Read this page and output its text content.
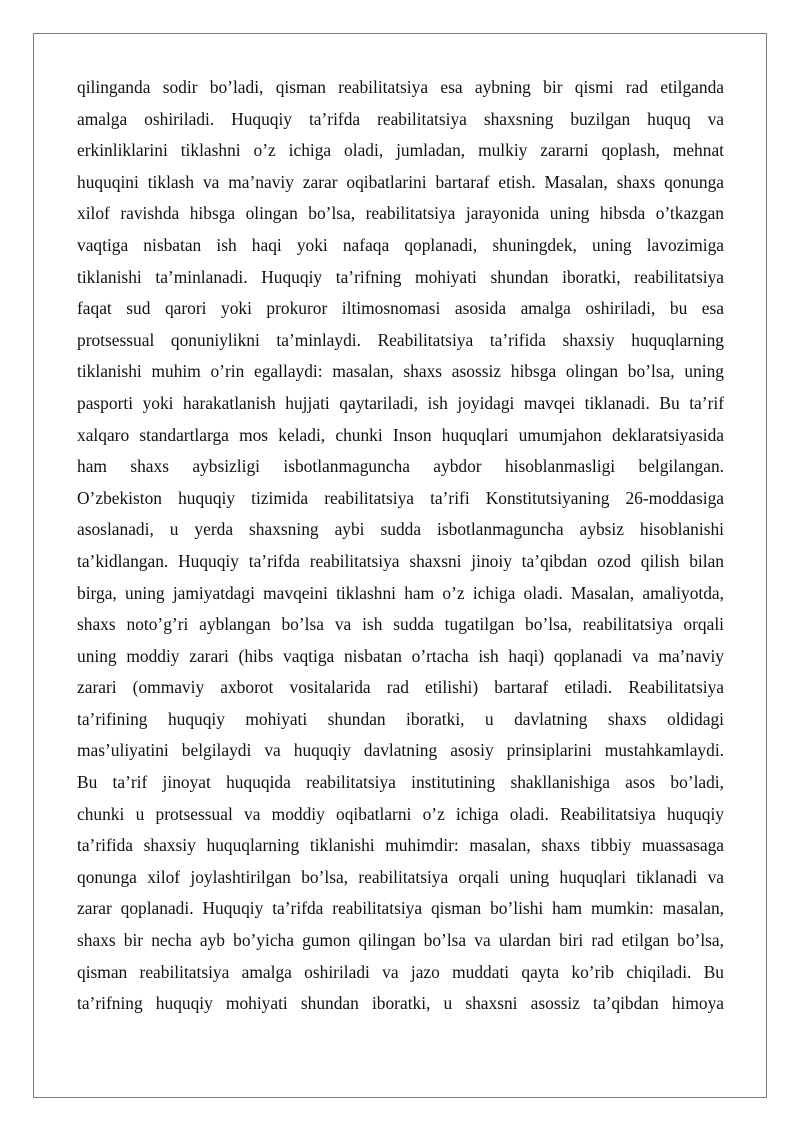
qilinganda sodir bo’ladi, qisman reabilitatsiya esa aybning bir qismi rad etilganda
amalga oshiriladi. Huquqiy ta’rifda reabilitatsiya shaxsning buzilgan huquq va
erkinliklarini tiklashni o’z ichiga oladi, jumladan, mulkiy zararni qoplash, mehnat
huquqini tiklash va ma’naviy zarar oqibatlarini bartaraf etish. Masalan, shaxs qonunga
xilof ravishda hibsga olingan bo’lsa, reabilitatsiya jarayonida uning hibsda o’tkazgan
vaqtiga nisbatan ish haqi yoki nafaqa qoplanadi, shuningdek, uning lavozimiga
tiklanishi ta’minlanadi. Huquqiy ta’rifning mohiyati shundan iboratki, reabilitatsiya
faqat sud qarori yoki prokuror iltimosnomasi asosida amalga oshiriladi, bu esa
protsessual qonuniylikni ta’minlaydi. Reabilitatsiya ta’rifida shaxsiy huquqlarning
tiklanishi muhim o’rin egallaydi: masalan, shaxs asossiz hibsga olingan bo’lsa, uning
pasporti yoki harakatlanish hujjati qaytariladi, ish joyidagi mavqei tiklanadi. Bu ta’rif
xalqaro standartlarga mos keladi, chunki Inson huquqlari umumjahon deklaratsiyasida
ham shaxs aybsizligi isbotlanmaguncha aybdor hisoblanmasligi belgilangan.
O’zbekiston huquqiy tizimida reabilitatsiya ta’rifi Konstitutsiyaning 26-moddasiga
asoslanadi, u yerda shaxsning aybi sudda isbotlanmaguncha aybsiz hisoblanishi
ta’kidlangan. Huquqiy ta’rifda reabilitatsiya shaxsni jinoiy ta’qibdan ozod qilish bilan
birga, uning jamiyatdagi mavqeini tiklashni ham o’z ichiga oladi. Masalan, amaliyotda,
shaxs noto’g’ri ayblangan bo’lsa va ish sudda tugatilgan bo’lsa, reabilitatsiya orqali
uning moddiy zarari (hibs vaqtiga nisbatan o’rtacha ish haqi) qoplanadi va ma’naviy
zarari (ommaviy axborot vositalarida rad etilishi) bartaraf etiladi. Reabilitatsiya
ta’rifining huquqiy mohiyati shundan iboratki, u davlatning shaxs oldidagi
mas’uliyatini belgilaydi va huquqiy davlatning asosiy prinsiplarini mustahkamlaydi.
Bu ta’rif jinoyat huquqida reabilitatsiya institutining shakllanishiga asos bo’ladi,
chunki u protsessual va moddiy oqibatlarni o’z ichiga oladi. Reabilitatsiya huquqiy
ta’rifida shaxsiy huquqlarning tiklanishi muhimdir: masalan, shaxs tibbiy muassasaga
qonunga xilof joylashtirilgan bo’lsa, reabilitatsiya orqali uning huquqlari tiklanadi va
zarar qoplanadi. Huquqiy ta’rifda reabilitatsiya qisman bo’lishi ham mumkin: masalan,
shaxs bir necha ayb bo’yicha gumon qilingan bo’lsa va ulardan biri rad etilgan bo’lsa,
qisman reabilitatsiya amalga oshiriladi va jazo muddati qayta ko’rib chiqiladi. Bu
ta’rifning huquqiy mohiyati shundan iboratki, u shaxsni asossiz ta’qibdan himoya
